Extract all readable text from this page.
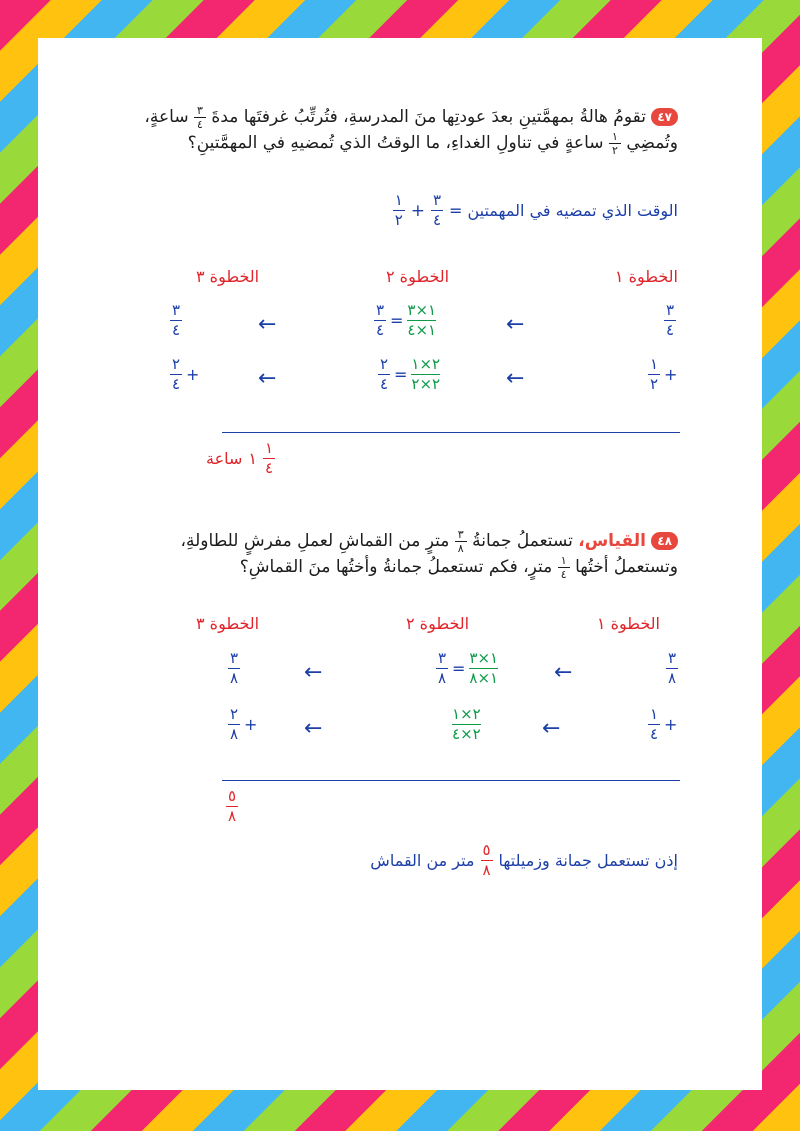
٤٧ تقومُ هالةُ بمهمَّتينِ بعدَ عودتِها منَ المدرسةِ، فتُرتِّبُ غرفتَها مدةَ
$\frac{٣}{٤}$
ساعةٍ،
وتُمضِي
$\frac{١}{٢}$
ساعةٍ في تناولِ الغداءِ، ما الوقتُ الذي تُمضيهِ في المهمَّتينِ؟
الوقت الذي تمضيه في المهمتين =
$\frac{٣}{٤}$
+
$\frac{١}{٢}$
الخطوة ١
الخطوة ٢
الخطوة ٣
$\frac{٣}{٤}$
←
$\frac{٣}{٤} = \frac{١\times ٣}{١\times ٤}$
←
$\frac{٣}{٤}$
$\frac{١}{٢}$ +
←
$\frac{٢}{٤} = \frac{٢\times ١}{٢\times ٢}$
←
$\frac{٢}{٤}$ +
$\frac{١}{٤}$
١
ساعة
٤٨ القياس، تستعملُ جمانةُ
$\frac{٣}{٨}$
مترٍ من القماشِ لعملِ مفرشٍ للطاولةِ،
وتستعملُ أختُها
$\frac{١}{٤}$
مترٍ، فكم تستعملُ جمانةُ وأختُها منَ القماشِ؟
الخطوة ١
الخطوة ٢
الخطوة ٣
$\frac{٣}{٨}$
←
$\frac{٣}{٨} = \frac{١\times ٣}{١\times ٨}$
←
$\frac{٣}{٨}$
$\frac{١}{٤}$ +
←
$\frac{٢\times ١}{٢\times ٤}$
←
$\frac{٢}{٨}$ +
$\frac{٥}{٨}$
إذن تستعمل جمانة وزميلتها
$\frac{٥}{٨}$
متر من القماش
